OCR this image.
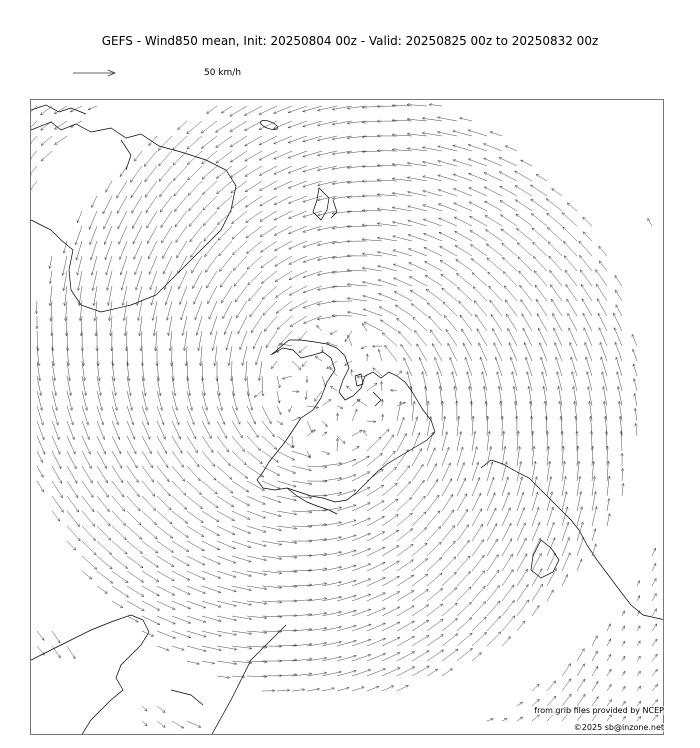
GEFS - Wind850 mean, Init: 20250804 00z - Valid: 20250825 00z to 20250832 00z
50 km/h
from grib files provided by NCEP
©2025 sb@inzone.net
